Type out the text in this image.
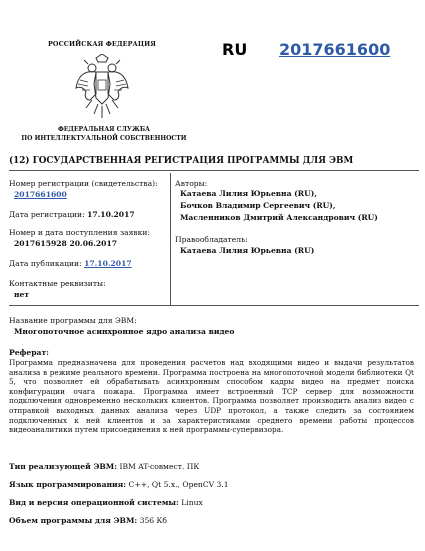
РОССИЙСКАЯ ФЕДЕРАЦИЯ
ФЕДЕРАЛЬНАЯ СЛУЖБА
ПО ИНТЕЛЛЕКТУАЛЬНОЙ СОБСТВЕННОСТИ
RU 2017661600
(12) ГОСУДАРСТВЕННАЯ РЕГИСТРАЦИЯ ПРОГРАММЫ ДЛЯ ЭВМ
Номер регистрации (свидетельства):
2017661600
Дата регистрации: 17.10.2017
Номер и дата поступления заявки:
2017615928 20.06.2017
Дата публикации: 17.10.2017
Контактные реквизиты:
нет
Авторы:
Катаева Лилия Юрьевна (RU),
Бочков Владимир Сергеевич (RU),
Масленников Дмитрий Александрович (RU)
Правообладатель:
Катаева Лилия Юрьевна (RU)
Название программы для ЭВМ:
Многопоточное асинхронное ядро анализа видео
Реферат:
Программа предназначена для проведения расчетов над входящими видео и выдачи результатов анализа в режиме реального времени. Программа построена на многопоточной модели библиотеки Qt 5, что позволяет ей обрабатывать асинхронным способом кадры видео на предмет поиска конфигурации очага пожара. Программа имеет встроенный TCP сервер для возможности подключения одновременно нескольких клиентов. Программа позволяет производить анализ видео с отправкой выходных данных анализа через UDP протокол, а также следить за состоянием подключенных к ней клиентов и за характеристиками среднего времени работы процессов видеоаналитики путем присоединения к ней программы-супервизора.
Тип реализующей ЭВМ: IBM AT-совмест. ПК
Язык программирования: C++, Qt 5.x., OpenCV 3.1
Вид и версия операционной системы: Linux
Объем программы для ЭВМ: 356 Кб
